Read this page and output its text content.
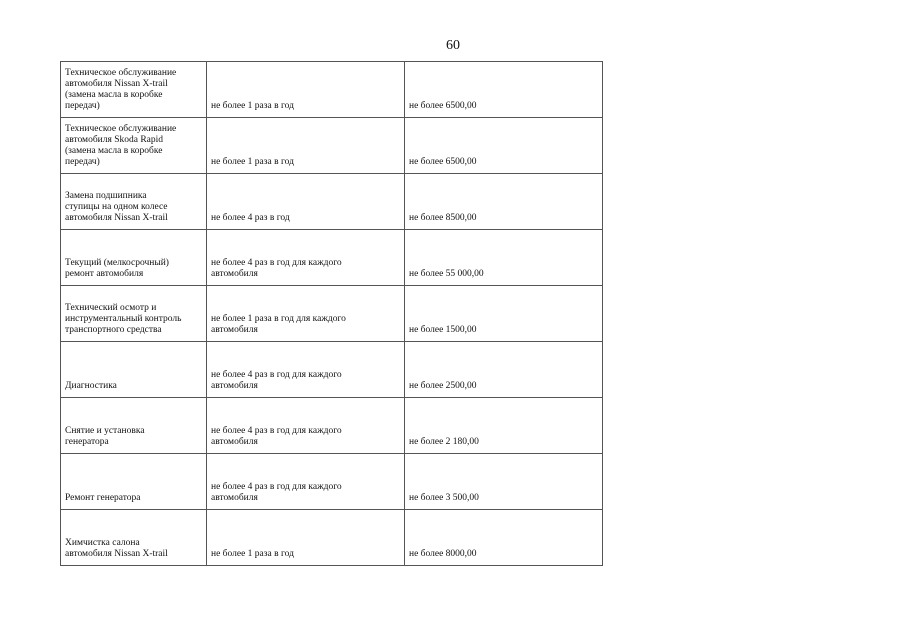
60
Техническое обслуживание
автомобиля Nissan X-trail
(замена масла в коробке
передач)	не более 1 раза в год	не более 6500,00
Техническое обслуживание
автомобиля Skoda Rapid
(замена масла в коробке
передач)	не более 1 раза в год	не более 6500,00
Замена подшипника
ступицы на одном колесе
автомобиля Nissan X-trail	не более 4 раз в год	не более 8500,00
Текущий (мелкосрочный)
ремонт автомобиля	не более 4 раз в год для каждого
автомобиля	не более 55 000,00
Технический осмотр и
инструментальный контроль
транспортного средства	не более 1 раза в год для каждого
автомобиля	не более 1500,00
Диагностика	не более 4 раз в год для каждого
автомобиля	не более 2500,00
Снятие и установка
генератора	не более 4 раз в год для каждого
автомобиля	не более 2 180,00
Ремонт генератора	не более 4 раз в год для каждого
автомобиля	не более 3 500,00
Химчистка салона
автомобиля Nissan X-trail	не более 1 раза в год	не более 8000,00
